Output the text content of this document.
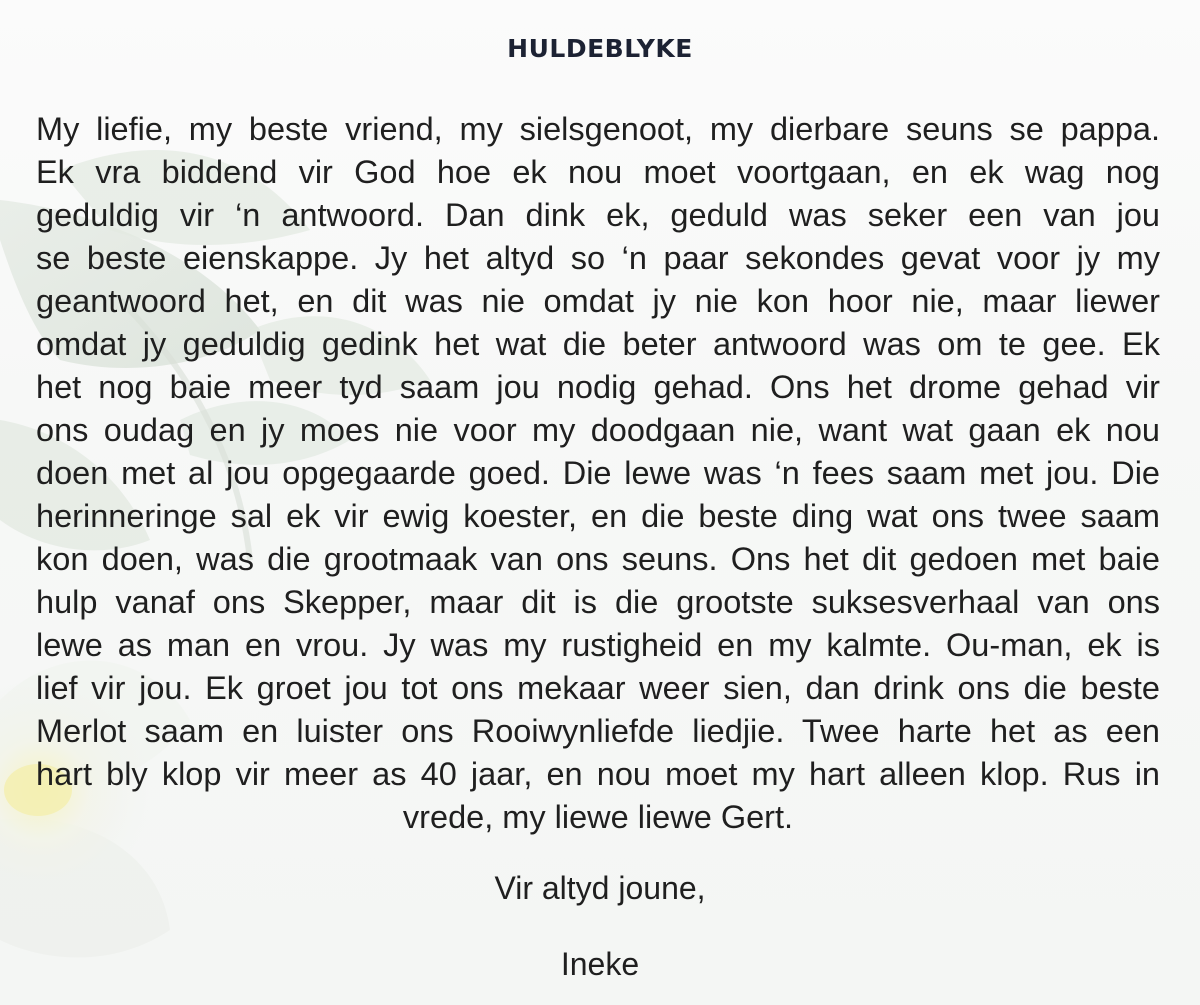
HULDEBLYKE
My liefie, my beste vriend, my sielsgenoot, my dierbare seuns se pappa.
Ek vra biddend vir God hoe ek nou moet voortgaan, en ek wag nog
geduldig vir ‘n antwoord. Dan dink ek, geduld was seker een van jou
se beste eienskappe. Jy het altyd so ‘n paar sekondes gevat voor jy my
geantwoord het, en dit was nie omdat jy nie kon hoor nie, maar liewer
omdat jy geduldig gedink het wat die beter antwoord was om te gee. Ek
het nog baie meer tyd saam jou nodig gehad. Ons het drome gehad vir
ons oudag en jy moes nie voor my doodgaan nie, want wat gaan ek nou
doen met al jou opgegaarde goed. Die lewe was ‘n fees saam met jou. Die
herinneringe sal ek vir ewig koester, en die beste ding wat ons twee saam
kon doen, was die grootmaak van ons seuns. Ons het dit gedoen met baie
hulp vanaf ons Skepper, maar dit is die grootste suksesverhaal van ons
lewe as man en vrou. Jy was my rustigheid en my kalmte. Ou-man, ek is
lief vir jou. Ek groet jou tot ons mekaar weer sien, dan drink ons die beste
Merlot saam en luister ons Rooiwynliefde liedjie. Twee harte het as een
hart bly klop vir meer as 40 jaar, en nou moet my hart alleen klop. Rus in
vrede, my liewe liewe Gert.
Vir altyd joune,
Ineke
